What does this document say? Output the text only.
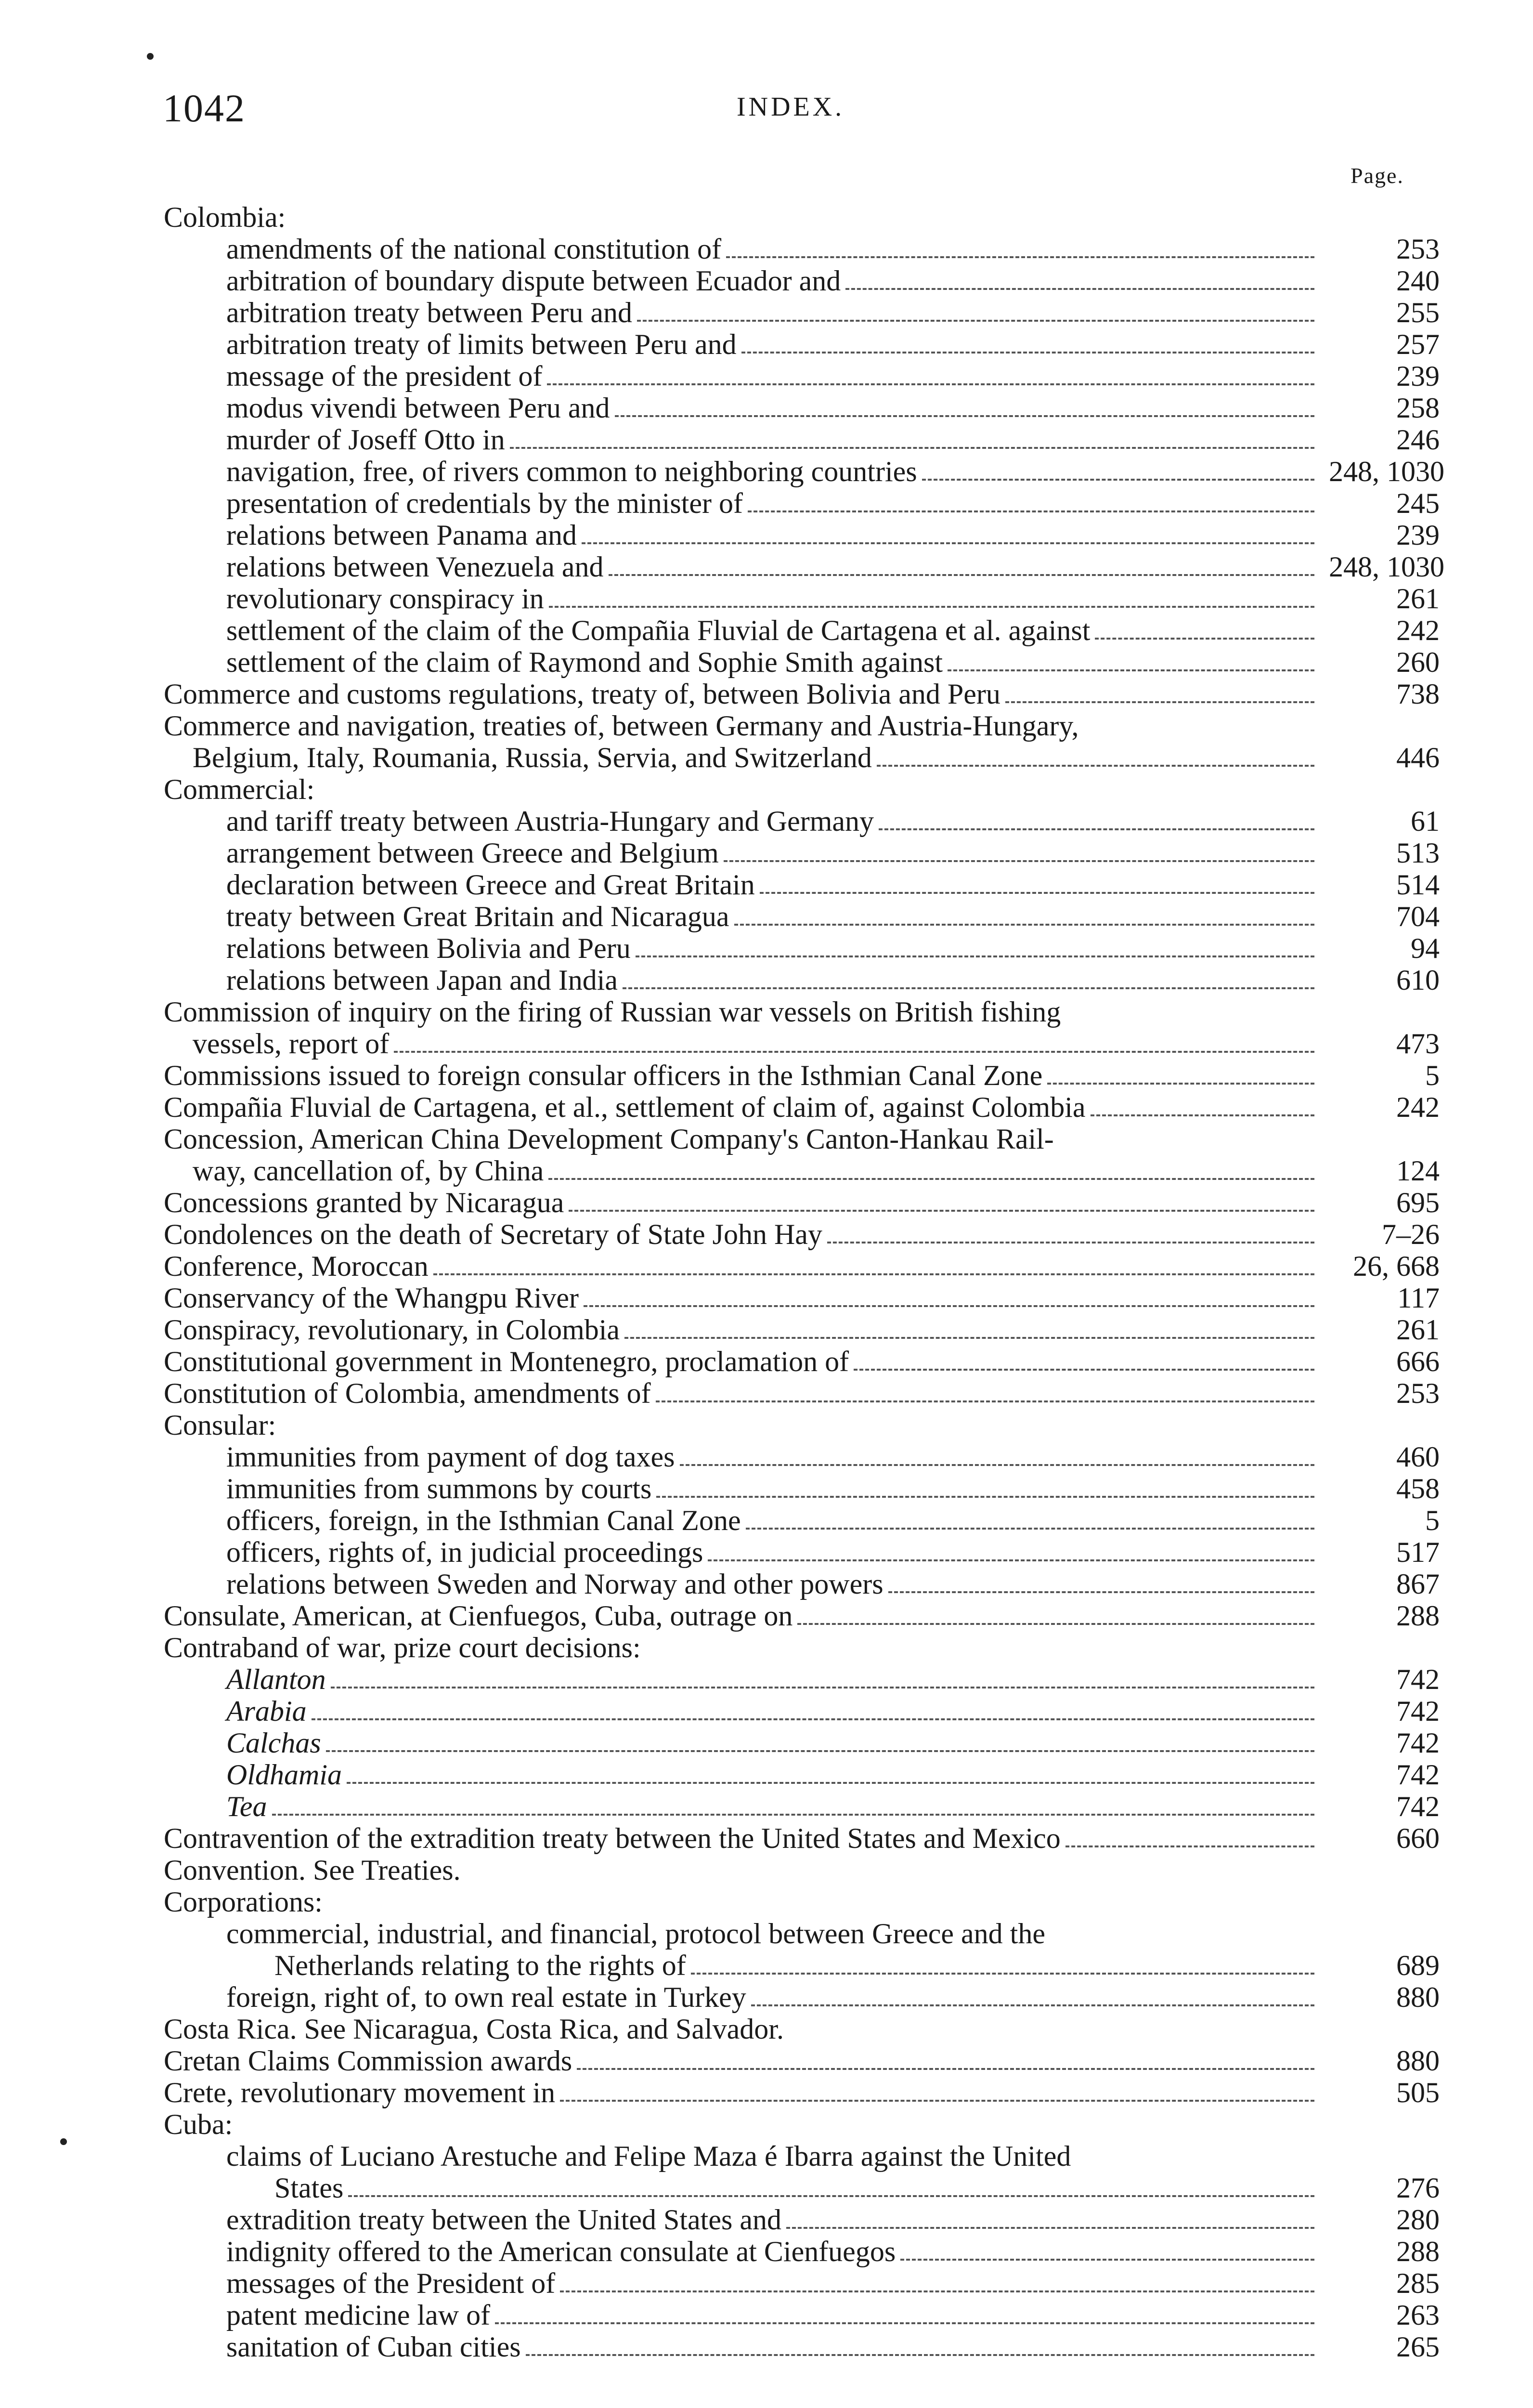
1042	INDEX.
Page.
Colombia:
amendments of the national constitution of	253
arbitration of boundary dispute between Ecuador and	240
arbitration treaty between Peru and	255
arbitration treaty of limits between Peru and	257
message of the president of	239
modus vivendi between Peru and	258
murder of Joseff Otto in	246
navigation, free, of rivers common to neighboring countries	248, 1030
presentation of credentials by the minister of	245
relations between Panama and	239
relations between Venezuela and	248, 1030
revolutionary conspiracy in	261
settlement of the claim of the Compañia Fluvial de Cartagena et al. against	242
settlement of the claim of Raymond and Sophie Smith against	260
Commerce and customs regulations, treaty of, between Bolivia and Peru	738
Commerce and navigation, treaties of, between Germany and Austria-Hungary,
Belgium, Italy, Roumania, Russia, Servia, and Switzerland	446
Commercial:
and tariff treaty between Austria-Hungary and Germany	61
arrangement between Greece and Belgium	513
declaration between Greece and Great Britain	514
treaty between Great Britain and Nicaragua	704
relations between Bolivia and Peru	94
relations between Japan and India	610
Commission of inquiry on the firing of Russian war vessels on British fishing
vessels, report of	473
Commissions issued to foreign consular officers in the Isthmian Canal Zone	5
Compañia Fluvial de Cartagena, et al., settlement of claim of, against Colombia	242
Concession, American China Development Company's Canton-Hankau Rail-
way, cancellation of, by China	124
Concessions granted by Nicaragua	695
Condolences on the death of Secretary of State John Hay	7–26
Conference, Moroccan	26, 668
Conservancy of the Whangpu River	117
Conspiracy, revolutionary, in Colombia	261
Constitutional government in Montenegro, proclamation of	666
Constitution of Colombia, amendments of	253
Consular:
immunities from payment of dog taxes	460
immunities from summons by courts	458
officers, foreign, in the Isthmian Canal Zone	5
officers, rights of, in judicial proceedings	517
relations between Sweden and Norway and other powers	867
Consulate, American, at Cienfuegos, Cuba, outrage on	288
Contraband of war, prize court decisions:
Allanton	742
Arabia	742
Calchas	742
Oldhamia	742
Tea	742
Contravention of the extradition treaty between the United States and Mexico	660
Convention. See Treaties.
Corporations:
commercial, industrial, and financial, protocol between Greece and the
Netherlands relating to the rights of	689
foreign, right of, to own real estate in Turkey	880
Costa Rica. See Nicaragua, Costa Rica, and Salvador.
Cretan Claims Commission awards	880
Crete, revolutionary movement in	505
Cuba:
claims of Luciano Arestuche and Felipe Maza é Ibarra against the United
States	276
extradition treaty between the United States and	280
indignity offered to the American consulate at Cienfuegos	288
messages of the President of	285
patent medicine law of	263
sanitation of Cuban cities	265
